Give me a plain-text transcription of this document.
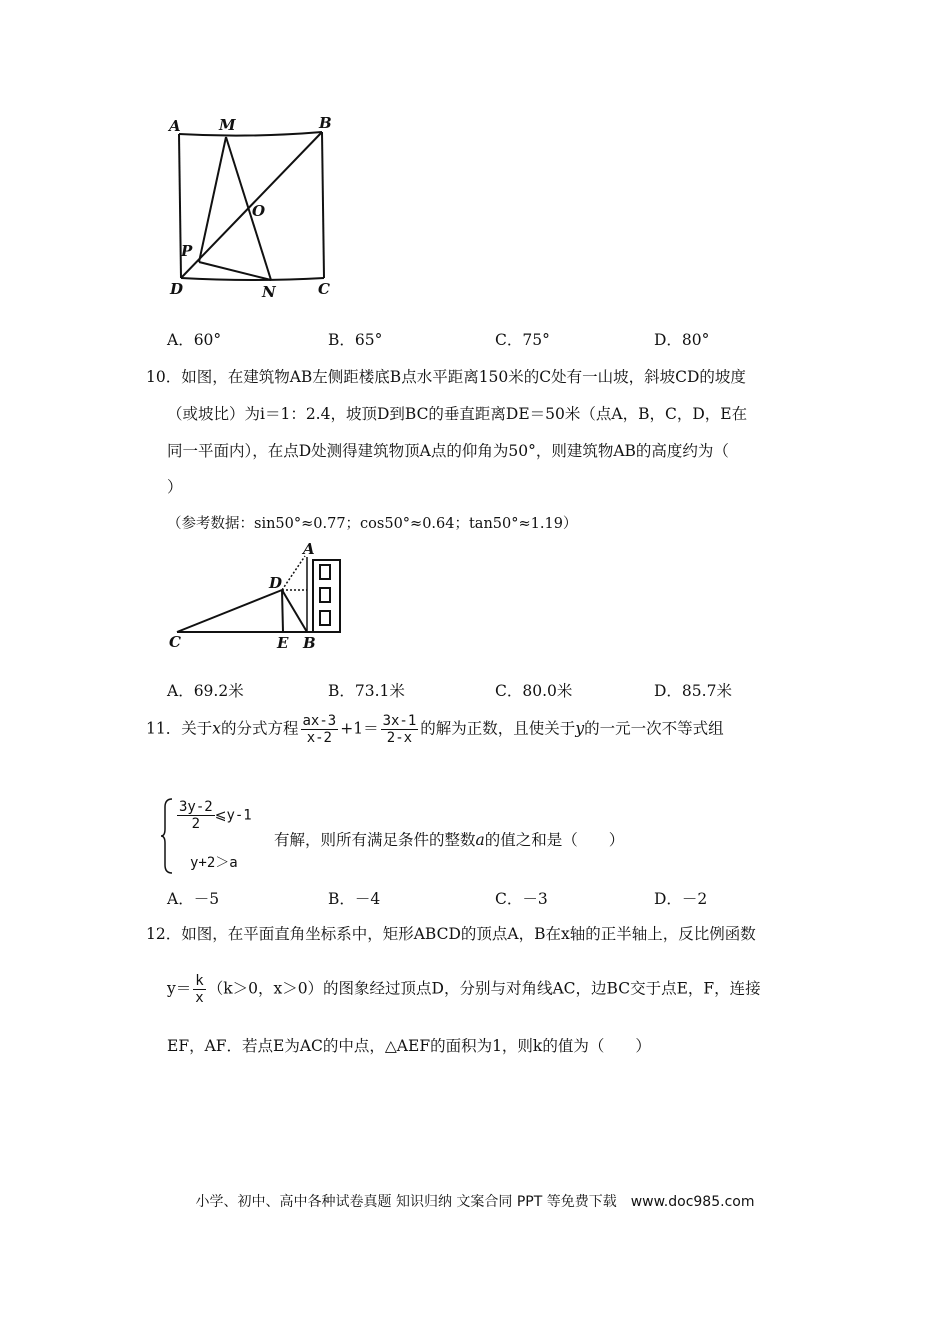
A	M	B
O
P
D	N	C
A．60°	B．65°	C．75°	D．80°
10．如图，在建筑物AB左侧距楼底B点水平距离150米的C处有一山坡，斜坡CD的坡度
（或坡比）为i＝1：2.4，坡顶D到BC的垂直距离DE＝50米（点A，B，C，D，E在
同一平面内），在点D处测得建筑物顶A点的仰角为50°，则建筑物AB的高度约为（
）
（参考数据：sin50°≈0.77；cos50°≈0.64；tan50°≈1.19）
A
D
C	E B
A．69.2米	B．73.1米	C．80.0米	D．85.7米
11．关于x的分式方程 $\frac{ax-3}{x-2} +1= \frac{3x-1}{2-x}$ 的解为正数，且使关于y的一元一次不等式组
$\frac{3y-2}{2}$ ⩽y-1
y+2＞a
有解，则所有满足条件的整数a的值之和是（　　）
A．－5	B．－4	C．－3	D．－2
12．如图，在平面直角坐标系中，矩形ABCD的顶点A，B在x轴的正半轴上，反比例函数
$y= \frac{k}{x} (k>0$，x＞0）的图象经过顶点D，分别与对角线AC，边BC交于点E，F，连接
EF，AF．若点E为AC的中点，△AEF的面积为1，则k的值为（　　）
小学、初中、高中各种试卷真题 知识归纳 文案合同 PPT 等免费下载　www.doc985.com
